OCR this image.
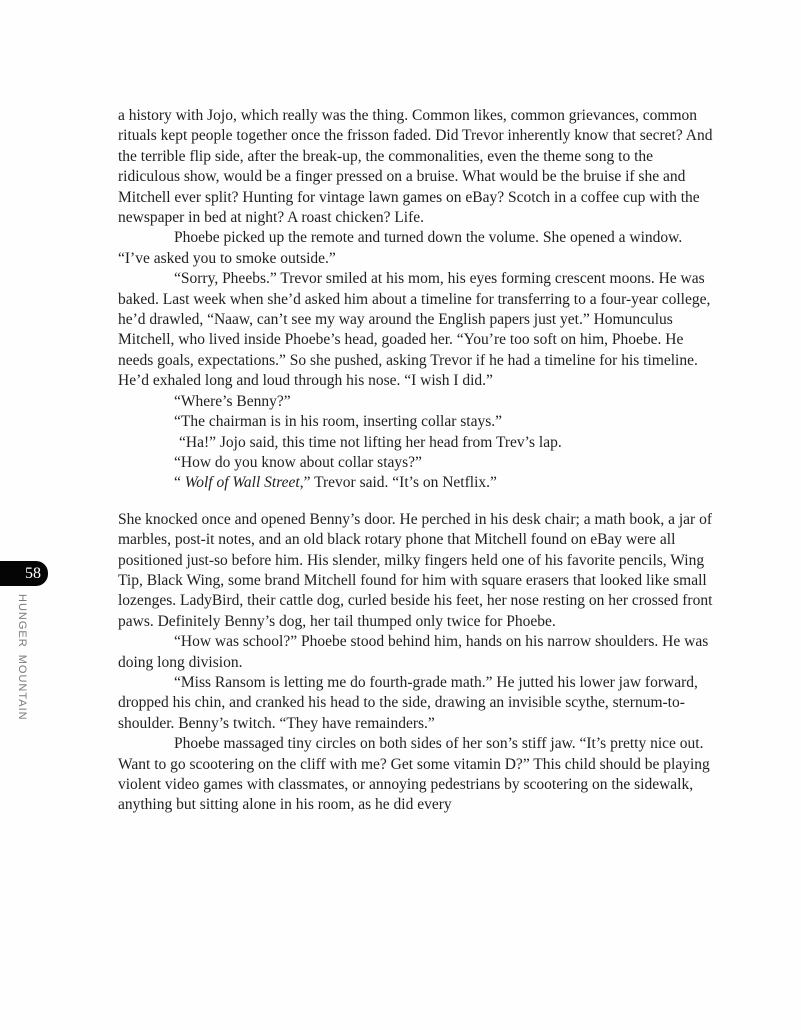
58
HUNGER MOUNTAIN

a history with Jojo, which really was the thing. Common likes, common grievances, common rituals kept people together once the frisson faded. Did Trevor inherently know that secret? And the terrible flip side, after the break-up, the commonalities, even the theme song to the ridiculous show, would be a finger pressed on a bruise. What would be the bruise if she and Mitchell ever split? Hunting for vintage lawn games on eBay? Scotch in a coffee cup with the newspaper in bed at night? A roast chicken? Life.

Phoebe picked up the remote and turned down the volume. She opened a window. “I’ve asked you to smoke outside.”

“Sorry, Pheebs.” Trevor smiled at his mom, his eyes forming crescent moons. He was baked. Last week when she’d asked him about a timeline for transferring to a four-year college, he’d drawled, “Naaw, can’t see my way around the English papers just yet.” Homunculus Mitchell, who lived inside Phoebe’s head, goaded her. “You’re too soft on him, Phoebe. He needs goals, expectations.” So she pushed, asking Trevor if he had a timeline for his timeline. He’d exhaled long and loud through his nose. “I wish I did.”

“Where’s Benny?”

“The chairman is in his room, inserting collar stays.”

“Ha!” Jojo said, this time not lifting her head from Trev’s lap.

“How do you know about collar stays?”

“ Wolf of Wall Street,” Trevor said. “It’s on Netflix.”

She knocked once and opened Benny’s door. He perched in his desk chair; a math book, a jar of marbles, post-it notes, and an old black rotary phone that Mitchell found on eBay were all positioned just-so before him. His slender, milky fingers held one of his favorite pencils, Wing Tip, Black Wing, some brand Mitchell found for him with square erasers that looked like small lozenges. LadyBird, their cattle dog, curled beside his feet, her nose resting on her crossed front paws. Definitely Benny’s dog, her tail thumped only twice for Phoebe.

“How was school?” Phoebe stood behind him, hands on his narrow shoulders. He was doing long division.

“Miss Ransom is letting me do fourth-grade math.” He jutted his lower jaw forward, dropped his chin, and cranked his head to the side, drawing an invisible scythe, sternum-to-shoulder. Benny’s twitch. “They have remainders.”

Phoebe massaged tiny circles on both sides of her son’s stiff jaw. “It’s pretty nice out. Want to go scootering on the cliff with me? Get some vitamin D?” This child should be playing violent video games with classmates, or annoying pedestrians by scootering on the sidewalk, anything but sitting alone in his room, as he did every
